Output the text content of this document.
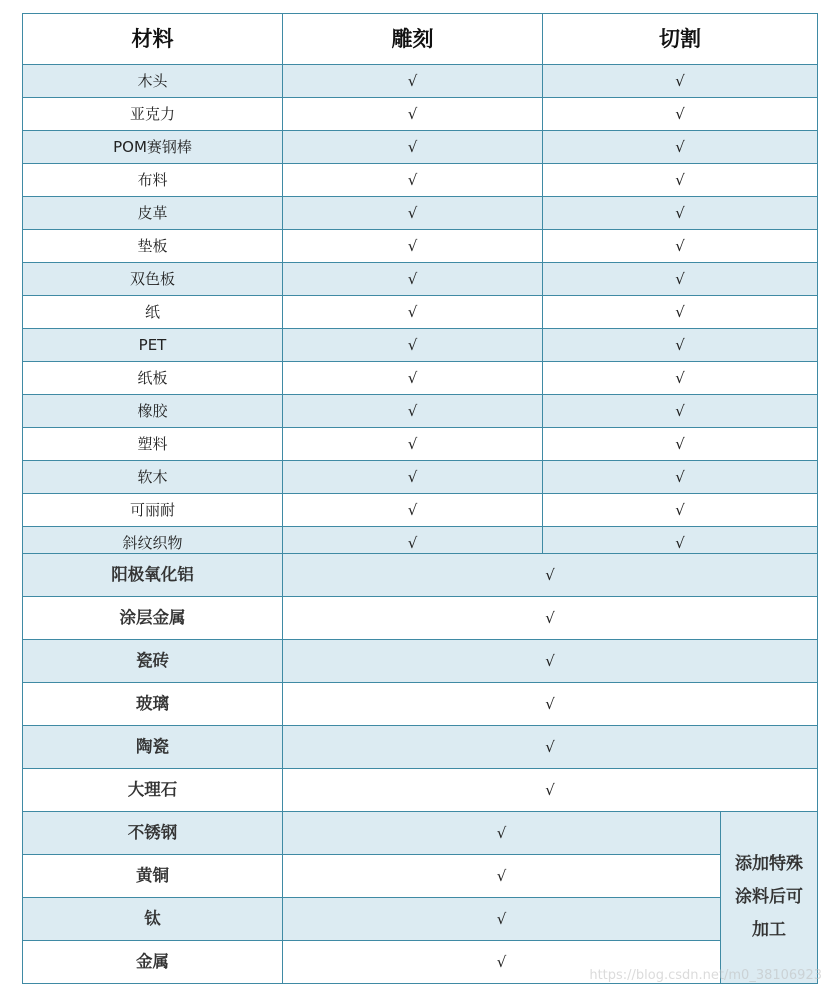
材料	雕刻	切割
木头	√	√
亚克力	√	√
POM赛钢棒	√	√
布料	√	√
皮革	√	√
垫板	√	√
双色板	√	√
纸	√	√
PET	√	√
纸板	√	√
橡胶	√	√
塑料	√	√
软木	√	√
可丽耐	√	√
斜纹织物	√	√
阳极氧化铝	√	
涂层金属	√	
瓷砖	√	
玻璃	√	
陶瓷	√	
大理石	√	
不锈钢	√	添加特殊涂料后可加工
黄铜	√	
钛	√	
金属	√	
https://blog.csdn.net/m0_38106923
